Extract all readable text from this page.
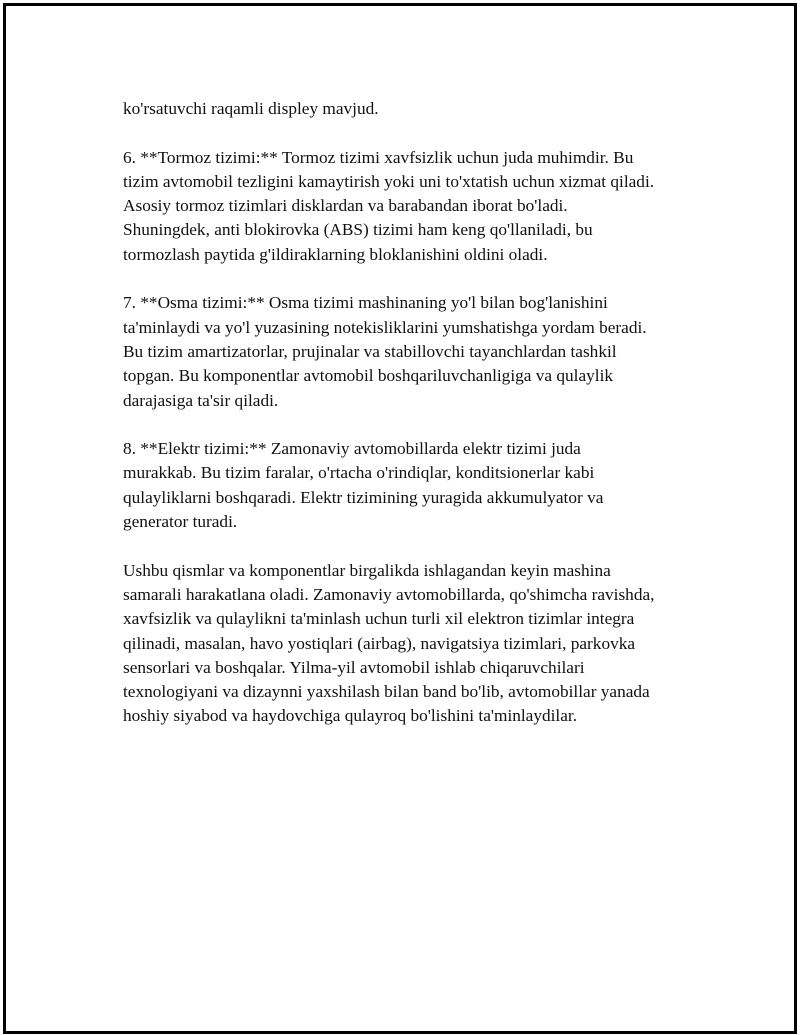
ko'rsatuvchi raqamli displey mavjud.

6. **Tormoz tizimi:** Tormoz tizimi xavfsizlik uchun juda muhimdir. Bu
tizim avtomobil tezligini kamaytirish yoki uni to'xtatish uchun xizmat qiladi.
Asosiy tormoz tizimlari disklardan va barabandan iborat bo'ladi.
Shuningdek, anti blokirovka (ABS) tizimi ham keng qo'llaniladi, bu
tormozlash paytida g'ildiraklarning bloklanishini oldini oladi.

7. **Osma tizimi:** Osma tizimi mashinaning yo'l bilan bog'lanishini
ta'minlaydi va yo'l yuzasining notekisliklarini yumshatishga yordam beradi.
Bu tizim amartizatorlar, prujinalar va stabillovchi tayanchlardan tashkil
topgan. Bu komponentlar avtomobil boshqariluvchanligiga va qulaylik
darajasiga ta'sir qiladi.

8. **Elektr tizimi:** Zamonaviy avtomobillarda elektr tizimi juda
murakkab. Bu tizim faralar, o'rtacha o'rindiqlar, konditsionerlar kabi
qulayliklarni boshqaradi. Elektr tizimining yuragida akkumulyator va
generator turadi.

Ushbu qismlar va komponentlar birgalikda ishlagandan keyin mashina
samarali harakatlana oladi. Zamonaviy avtomobillarda, qo'shimcha ravishda,
xavfsizlik va qulaylikni ta'minlash uchun turli xil elektron tizimlar integra
qilinadi, masalan, havo yostiqlari (airbag), navigatsiya tizimlari, parkovka
sensorlari va boshqalar. Yilma-yil avtomobil ishlab chiqaruvchilari
texnologiyani va dizaynni yaxshilash bilan band bo'lib, avtomobillar yanada
hoshiy siyabod va haydovchiga qulayroq bo'lishini ta'minlaydilar.
